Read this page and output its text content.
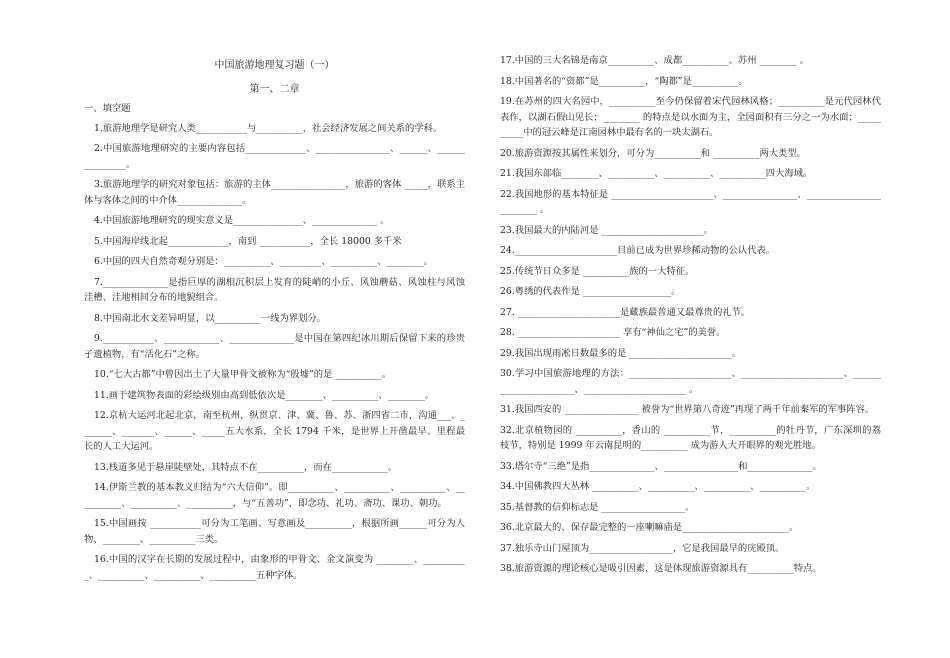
中国旅游地理复习题（一）
第一、二章
一、填空题

1.旅游地理学是研究人类___________与__________，社会经济发展之间关系的学科。

2.中国旅游地理研究的主要内容包括_____________、________________、______、_______________。

3.旅游地理学的研究对象包括：旅游的主体________________，旅游的客体 _____，联系主体与客体之间的中介体______________。

4.中国旅游地理研究的现实意义是_______________、______________ 。

5.中国海岸线北起_____________，南到 ___________，全长 18000 多千米

6.中国的四大自然奇观分别是：__________、_________、__________、________。

7.______________是指巨厚的湖相沉积层上发育的陡峭的小丘、风蚀蘑菇、风蚀柱与风蚀洼槽、洼地相间分布的地貌组合。

8.中国南北水文差异明显，以__________一线为界划分。

9.___________、____________、______________是中国在第四纪冰川期后保留下来的珍贵孑遗植物，有“活化石”之称。

10.“七大古都”中曾因出土了大量甲骨文被称为“殷墟”的是 __________。

11.画于建筑物表面的彩绘级别由高到低依次是________、__________、________。

12.京杭大运河北起北京，南至杭州，纵贯京、津、冀、鲁、苏、浙四省二市，沟通___、_______、_______、______、_____五大水系，全长 1794 千米，是世界上开凿最早、里程最长的人工大运河。

13.栈道多见于悬崖陡壁处，其特点不在__________，而在____________。

14.伊斯兰教的基本教义归结为“六大信仰”。即__________、__________、__________、__________、__________、__________，与“五善功”，即念功、礼功、斋功、课功、朝功。

15.中国画按 ___________可分为工笔画、写意画及__________，根据所画______可分为人物、________、__________三类。

16.中国的汉字在长期的发展过程中，由象形的甲骨文、金文演变为 ________、__________、__________、__________、__________五种字体。

17.中国的三大名锦是南京__________、成都__________、苏州 ________ 。

18.中国著名的“资都”是__________，“陶都”是__________。

19.在苏州的四大名园中，__________至今仍保留着宋代园林风格；__________是元代园林代表作，以湖石假山见长；________ 的特点是以水面为主，全园面积有三分之一为水面；__________中的冠云峰是江南园林中最有名的一块太湖石。

20.旅游资源按其属性来划分，可分为__________和 __________两大类型。

21.我国东部临________、__________、__________、__________四大海域。

22.我国地形的基本特征是 ______________________、________________、________________________ 。

23.我国最大的内陆河是 ______________________。

24.______________________目前已成为世界珍稀动物的公认代表。

25.传统节日众多是 __________族的一大特征。

26.粤绣的代表作是 ___________________。

27. ______________________是藏族最普通又最尊贵的礼节。

28. ______________________ 享有“神仙之宅”的美誉。

29.我国出现雨凇日数最多的是 ______________________。

30.学习中国旅游地理的方法：______________________、______________________、______________________、______________________ 。

31.我国西安的 ________________ 被誉为“世界第八奇迹”再现了两千年前秦军的军事阵容。

32.北京植物园的 __________，香山的 __________节，__________的牡丹节，广东深圳的荔枝节，特别是 1999 年云南昆明的__________ 成为游人大开眼界的观光胜地。

33.塔尔寺“三绝”是指______________、________________和______________。

34.中国佛教四大丛林 __________、__________、__________、__________。

35.基督教的信仰标志是 __________________。

36.北京最大的、保存最完整的一座喇嘛庙是_______________________。

37.独乐寺山门屋顶为__________________，它是我国最早的庑殿顶。

38.旅游资源的理论核心是吸引因素，这是体现旅游资源具有__________特点。
